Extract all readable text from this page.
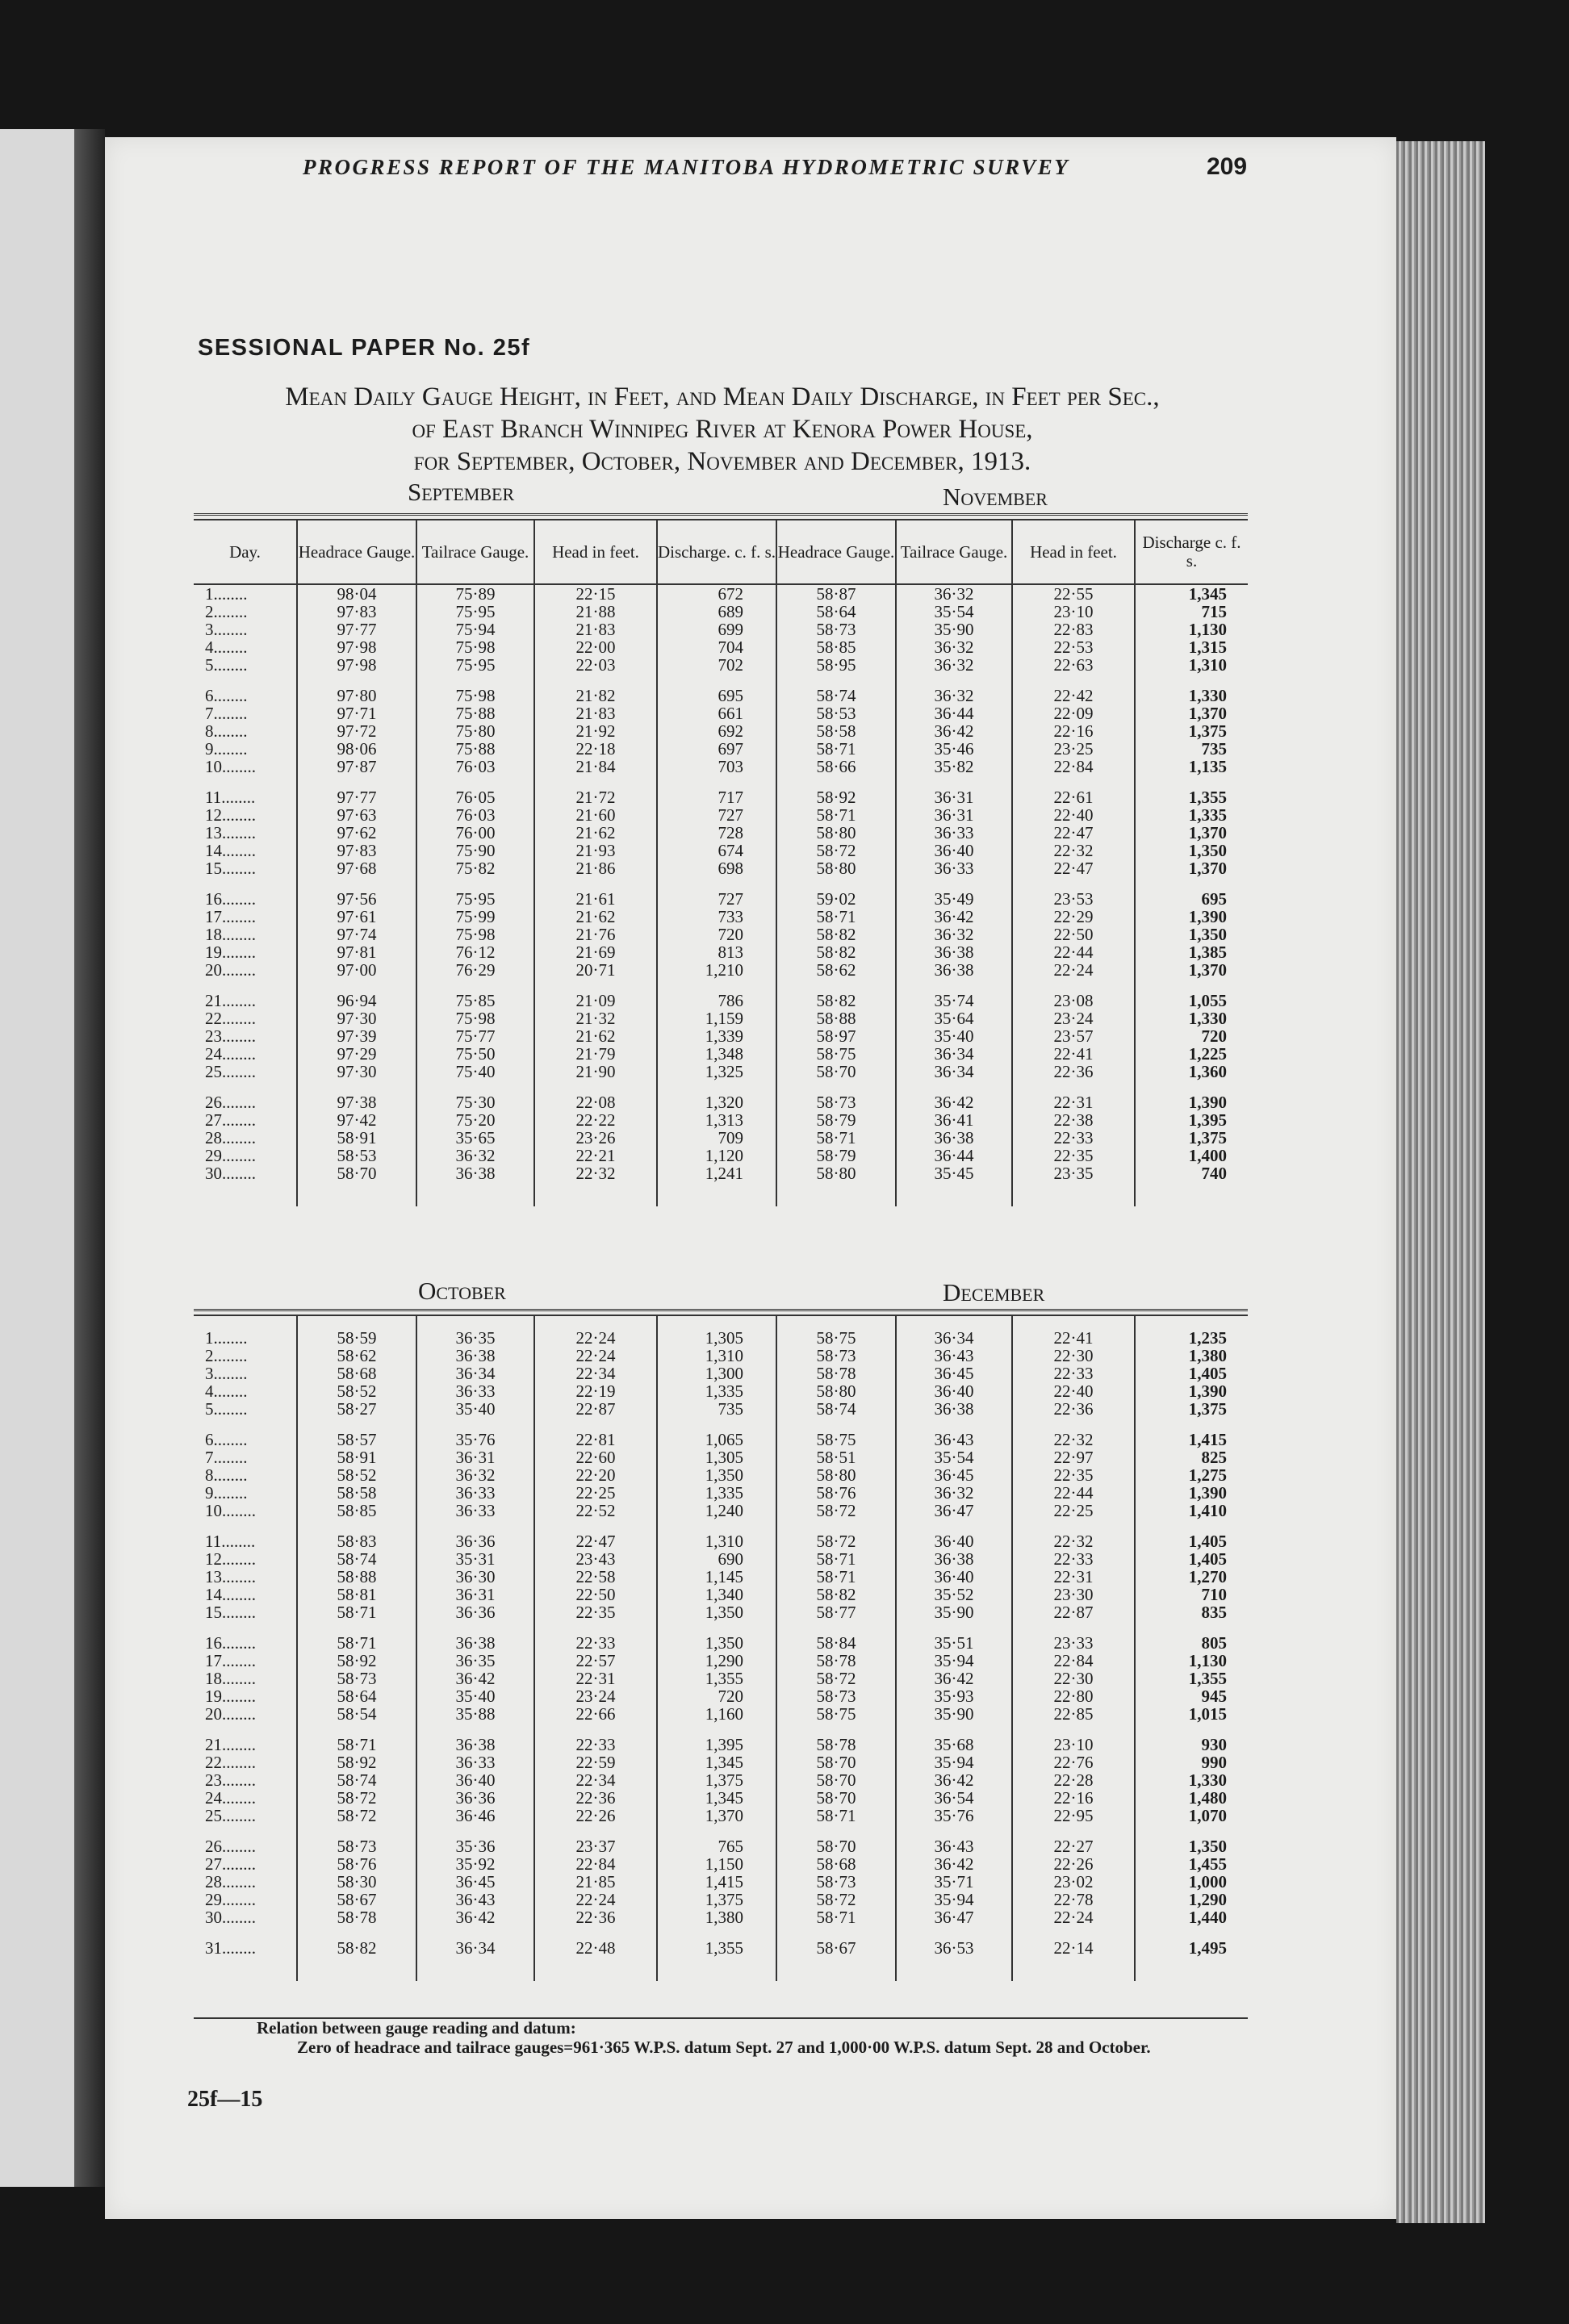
PROGRESS REPORT OF THE MANITOBA HYDROMETRIC SURVEY	209
SESSIONAL PAPER No. 25f
Mean Daily Gauge Height, in Feet, and Mean Daily Discharge, in Feet per Sec.,
of East Branch Winnipeg River at Kenora Power House,
for September, October, November and December, 1913.
September	November
Day.	Headrace Gauge.	Tailrace Gauge.	Head in feet.	Discharge. c. f. s.	Headrace Gauge.	Tailrace Gauge.	Head in feet.	Discharge c. f. s.
1........	98·04	75·89	22·15	672	58·87	36·32	22·55	1,345
2........	97·83	75·95	21·88	689	58·64	35·54	23·10	715
3........	97·77	75·94	21·83	699	58·73	35·90	22·83	1,130
4........	97·98	75·98	22·00	704	58·85	36·32	22·53	1,315
5........	97·98	75·95	22·03	702	58·95	36·32	22·63	1,310

6........	97·80	75·98	21·82	695	58·74	36·32	22·42	1,330
7........	97·71	75·88	21·83	661	58·53	36·44	22·09	1,370
8........	97·72	75·80	21·92	692	58·58	36·42	22·16	1,375
9........	98·06	75·88	22·18	697	58·71	35·46	23·25	735
10........	97·87	76·03	21·84	703	58·66	35·82	22·84	1,135

11........	97·77	76·05	21·72	717	58·92	36·31	22·61	1,355
12........	97·63	76·03	21·60	727	58·71	36·31	22·40	1,335
13........	97·62	76·00	21·62	728	58·80	36·33	22·47	1,370
14........	97·83	75·90	21·93	674	58·72	36·40	22·32	1,350
15........	97·68	75·82	21·86	698	58·80	36·33	22·47	1,370

16........	97·56	75·95	21·61	727	59·02	35·49	23·53	695
17........	97·61	75·99	21·62	733	58·71	36·42	22·29	1,390
18........	97·74	75·98	21·76	720	58·82	36·32	22·50	1,350
19........	97·81	76·12	21·69	813	58·82	36·38	22·44	1,385
20........	97·00	76·29	20·71	1,210	58·62	36·38	22·24	1,370

21........	96·94	75·85	21·09	786	58·82	35·74	23·08	1,055
22........	97·30	75·98	21·32	1,159	58·88	35·64	23·24	1,330
23........	97·39	75·77	21·62	1,339	58·97	35·40	23·57	720
24........	97·29	75·50	21·79	1,348	58·75	36·34	22·41	1,225
25........	97·30	75·40	21·90	1,325	58·70	36·34	22·36	1,360

26........	97·38	75·30	22·08	1,320	58·73	36·42	22·31	1,390
27........	97·42	75·20	22·22	1,313	58·79	36·41	22·38	1,395
28........	58·91	35·65	23·26	709	58·71	36·38	22·33	1,375
29........	58·53	36·32	22·21	1,120	58·79	36·44	22·35	1,400
30........	58·70	36·38	22·32	1,241	58·80	35·45	23·35	740

October	December

1........	58·59	36·35	22·24	1,305	58·75	36·34	22·41	1,235
2........	58·62	36·38	22·24	1,310	58·73	36·43	22·30	1,380
3........	58·68	36·34	22·34	1,300	58·78	36·45	22·33	1,405
4........	58·52	36·33	22·19	1,335	58·80	36·40	22·40	1,390
5........	58·27	35·40	22·87	735	58·74	36·38	22·36	1,375

6........	58·57	35·76	22·81	1,065	58·75	36·43	22·32	1,415
7........	58·91	36·31	22·60	1,305	58·51	35·54	22·97	825
8........	58·52	36·32	22·20	1,350	58·80	36·45	22·35	1,275
9........	58·58	36·33	22·25	1,335	58·76	36·32	22·44	1,390
10........	58·85	36·33	22·52	1,240	58·72	36·47	22·25	1,410

11........	58·83	36·36	22·47	1,310	58·72	36·40	22·32	1,405
12........	58·74	35·31	23·43	690	58·71	36·38	22·33	1,405
13........	58·88	36·30	22·58	1,145	58·71	36·40	22·31	1,270
14........	58·81	36·31	22·50	1,340	58·82	35·52	23·30	710
15........	58·71	36·36	22·35	1,350	58·77	35·90	22·87	835

16........	58·71	36·38	22·33	1,350	58·84	35·51	23·33	805
17........	58·92	36·35	22·57	1,290	58·78	35·94	22·84	1,130
18........	58·73	36·42	22·31	1,355	58·72	36·42	22·30	1,355
19........	58·64	35·40	23·24	720	58·73	35·93	22·80	945
20........	58·54	35·88	22·66	1,160	58·75	35·90	22·85	1,015

21........	58·71	36·38	22·33	1,395	58·78	35·68	23·10	930
22........	58·92	36·33	22·59	1,345	58·70	35·94	22·76	990
23........	58·74	36·40	22·34	1,375	58·70	36·42	22·28	1,330
24........	58·72	36·36	22·36	1,345	58·70	36·54	22·16	1,480
25........	58·72	36·46	22·26	1,370	58·71	35·76	22·95	1,070

26........	58·73	35·36	23·37	765	58·70	36·43	22·27	1,350
27........	58·76	35·92	22·84	1,150	58·68	36·42	22·26	1,455
28........	58·30	36·45	21·85	1,415	58·73	35·71	23·02	1,000
29........	58·67	36·43	22·24	1,375	58·72	35·94	22·78	1,290
30........	58·78	36·42	22·36	1,380	58·71	36·47	22·24	1,440

31........	58·82	36·34	22·48	1,355	58·67	36·53	22·14	1,495

Relation between gauge reading and datum:
Zero of headrace and tailrace gauges=961·365 W.P.S. datum Sept. 27 and 1,000·00 W.P.S. datum Sept. 28 and October.
25f—15
